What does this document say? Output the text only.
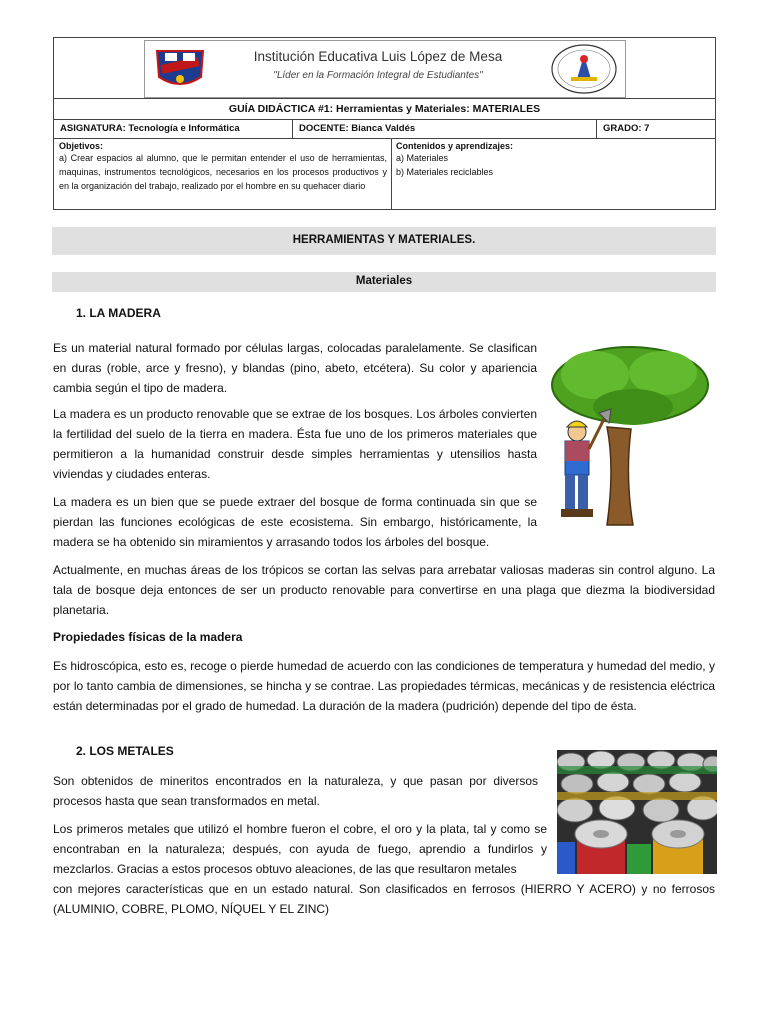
Institución Educativa Luis López de Mesa
"Líder en la Formación Integral de Estudiantes"
GUÍA DIDÁCTICA #1: Herramientas y Materiales: MATERIALES
ASIGNATURA: Tecnología e Informática	DOCENTE: Bianca Valdés	GRADO: 7
Objetivos:
a) Crear espacios al alumno, que le permitan entender el uso de herramientas, maquinas, instrumentos tecnológicos, necesarios en los procesos productivos y en la organización del trabajo, realizado por el hombre en su quehacer diario
Contenidos y aprendizajes:
a) Materiales
b) Materiales reciclables
HERRAMIENTAS Y MATERIALES.
Materiales
1. LA MADERA
Es un material natural formado por células largas, colocadas paralelamente. Se clasifican en duras (roble, arce y fresno), y blandas (pino, abeto, etcétera). Su color y apariencia cambia según el tipo de madera.
La madera es un producto renovable que se extrae de los bosques. Los árboles convierten la fertilidad del suelo de la tierra en madera. Ésta fue uno de los primeros materiales que permitieron a la humanidad construir desde simples herramientas y utensilios hasta viviendas y ciudades enteras.
La madera es un bien que se puede extraer del bosque de forma continuada sin que se pierdan las funciones ecológicas de este ecosistema. Sin embargo, históricamente, la madera se ha obtenido sin miramientos y arrasando todos los árboles del bosque.
Actualmente, en muchas áreas de los trópicos se cortan las selvas para arrebatar valiosas maderas sin control alguno. La tala de bosque deja entonces de ser un producto renovable para convertirse en una plaga que diezma la biodiversidad planetaria.
Propiedades físicas de la madera
Es hidroscópica, esto es, recoge o pierde humedad de acuerdo con las condiciones de temperatura y humedad del medio, y por lo tanto cambia de dimensiones, se hincha y se contrae. Las propiedades térmicas, mecánicas y de resistencia eléctrica están determinadas por el grado de humedad. La duración de la madera (pudrición) depende del tipo de ésta.
2. LOS METALES
Son obtenidos de mineritos encontrados en la naturaleza, y que pasan por diversos procesos hasta que sean transformados en metal.
Los primeros metales que utilizó el hombre fueron el cobre, el oro y la plata, tal y como se encontraban en la naturaleza; después, con ayuda de fuego, aprendio a fundirlos y mezclarlos. Gracias a estos procesos obtuvo aleaciones, de las que resultaron metales
con mejores características que en un estado natural. Son clasificados en ferrosos (HIERRO Y ACERO) y no ferrosos (ALUMINIO, COBRE, PLOMO, NÍQUEL Y EL ZINC)
